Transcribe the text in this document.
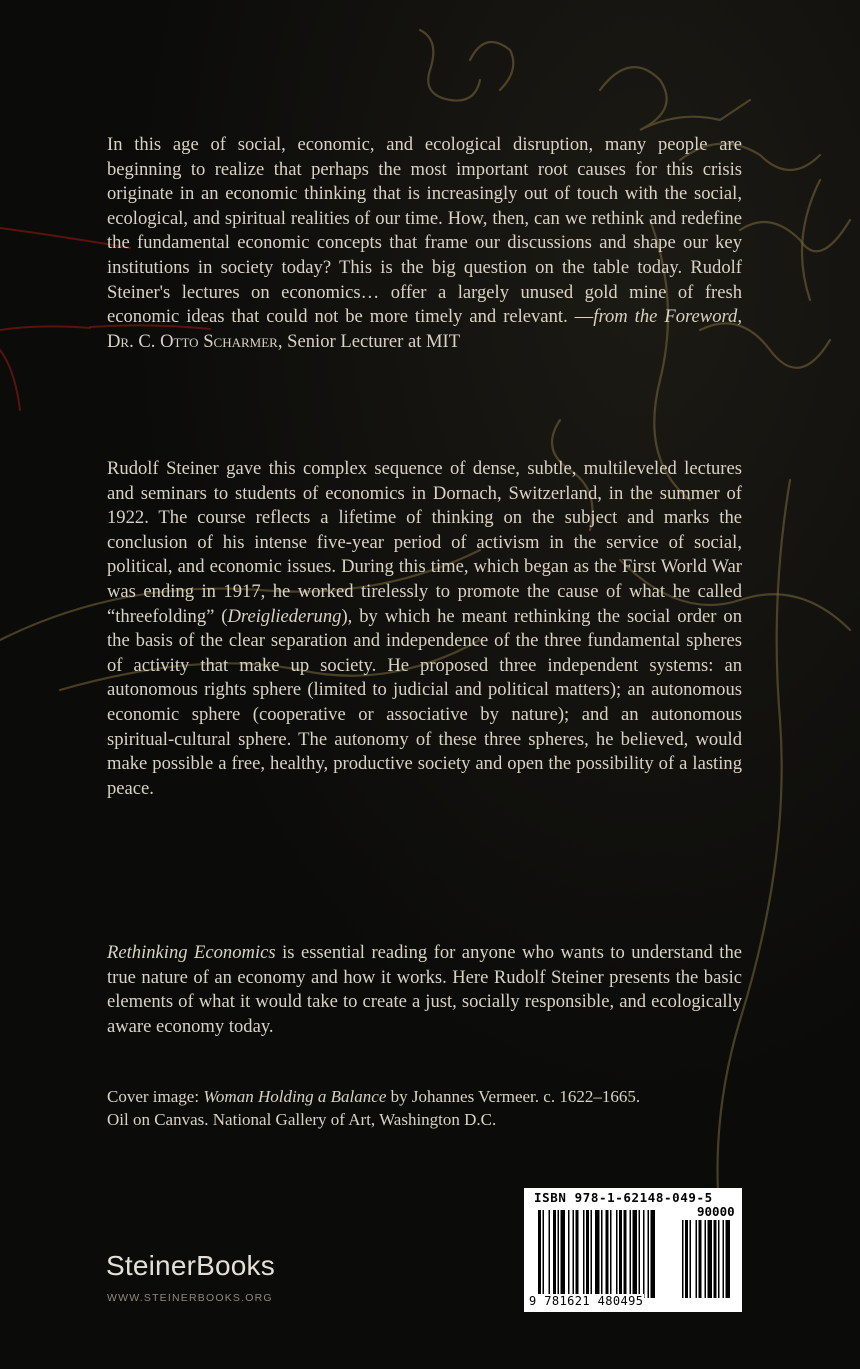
In this age of social, economic, and ecological disruption, many people are beginning to realize that perhaps the most important root causes for this crisis originate in an economic thinking that is increasingly out of touch with the social, ecological, and spiritual realities of our time. How, then, can we rethink and redefine the fundamental economic concepts that frame our discussions and shape our key institutions in society today? This is the big question on the table today. Rudolf Steiner's lectures on economics… offer a largely unused gold mine of fresh economic ideas that could not be more timely and relevant. —from the Foreword, Dr. C. Otto Scharmer, Senior Lecturer at MIT

Rudolf Steiner gave this complex sequence of dense, subtle, multileveled lectures and seminars to students of economics in Dornach, Switzerland, in the summer of 1922. The course reflects a lifetime of thinking on the subject and marks the conclusion of his intense five-year period of activism in the service of social, political, and economic issues. During this time, which began as the First World War was ending in 1917, he worked tirelessly to promote the cause of what he called “threefolding” (Dreigliederung), by which he meant rethinking the social order on the basis of the clear separation and independence of the three fundamental spheres of activity that make up society. He proposed three independent systems: an autonomous rights sphere (limited to judicial and political matters); an autonomous economic sphere (cooperative or associative by nature); and an autonomous spiritual-cultural sphere. The autonomy of these three spheres, he believed, would make possible a free, healthy, productive society and open the possibility of a lasting peace.

Rethinking Economics is essential reading for anyone who wants to understand the true nature of an economy and how it works. Here Rudolf Steiner presents the basic elements of what it would take to create a just, socially responsible, and ecologically aware economy today.

Cover image: Woman Holding a Balance by Johannes Vermeer. c. 1622–1665.

Oil on Canvas. National Gallery of Art, Washington D.C.

SteinerBooks
WWW.STEINERBOOKS.ORG
ISBN 978-1-62148-049-5
90000
9 781621 480495
